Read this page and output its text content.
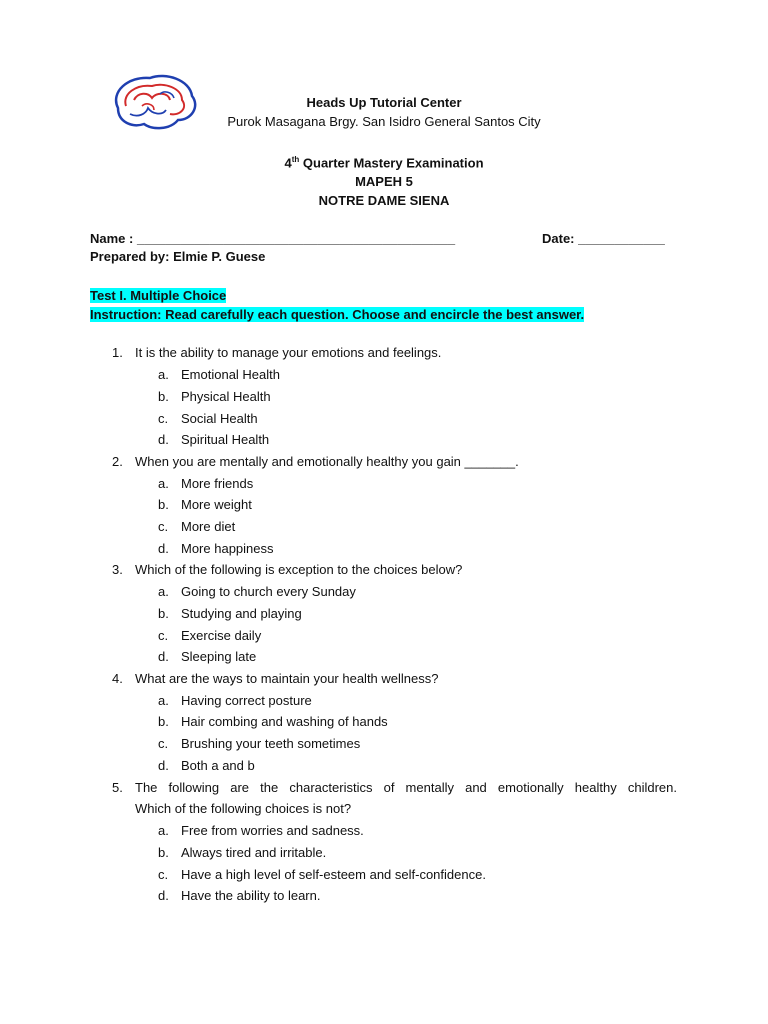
Heads Up Tutorial Center
Purok Masagana Brgy. San Isidro General Santos City
4th Quarter Mastery Examination
MAPEH 5
NOTRE DAME SIENA
Name : ____________________________________________	Date: ____________
Prepared by: Elmie P. Guese
Test I. Multiple Choice
Instruction: Read carefully each question. Choose and encircle the best answer.
1. It is the ability to manage your emotions and feelings.
a. Emotional Health
b. Physical Health
c. Social Health
d. Spiritual Health
2. When you are mentally and emotionally healthy you gain _______.
a. More friends
b. More weight
c. More diet
d. More happiness
3. Which of the following is exception to the choices below?
a. Going to church every Sunday
b. Studying and playing
c. Exercise daily
d. Sleeping late
4. What are the ways to maintain your health wellness?
a. Having correct posture
b. Hair combing and washing of hands
c. Brushing your teeth sometimes
d. Both a and b
5. The following are the characteristics of mentally and emotionally healthy children.
Which of the following choices is not?
a. Free from worries and sadness.
b. Always tired and irritable.
c. Have a high level of self-esteem and self-confidence.
d. Have the ability to learn.
